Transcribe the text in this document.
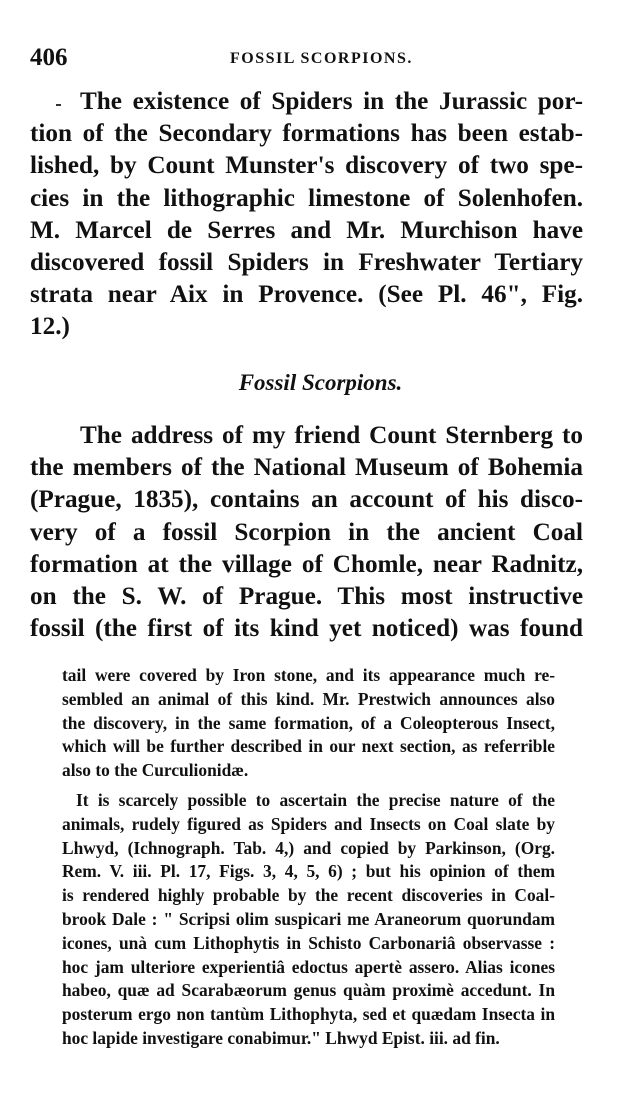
406	FOSSIL SCORPIONS.
The existence of Spiders in the Jurassic por-
tion of the Secondary formations has been estab-
lished, by Count Munster's discovery of two spe-
cies in the lithographic limestone of Solenhofen.
M. Marcel de Serres and Mr. Murchison have
discovered fossil Spiders in Freshwater Tertiary
strata near Aix in Provence. (See Pl. 46", Fig.
12.)
Fossil Scorpions.
The address of my friend Count Sternberg to
the members of the National Museum of Bohemia
(Prague, 1835), contains an account of his disco-
very of a fossil Scorpion in the ancient Coal
formation at the village of Chomle, near Radnitz,
on the S. W. of Prague. This most instructive
fossil (the first of its kind yet noticed) was found
tail were covered by Iron stone, and its appearance much re-
sembled an animal of this kind. Mr. Prestwich announces also
the discovery, in the same formation, of a Coleopterous Insect,
which will be further described in our next section, as referrible
also to the Curculionidæ.
It is scarcely possible to ascertain the precise nature of the
animals, rudely figured as Spiders and Insects on Coal slate by
Lhwyd, (Ichnograph. Tab. 4,) and copied by Parkinson, (Org.
Rem. V. iii. Pl. 17, Figs. 3, 4, 5, 6) ; but his opinion of them
is rendered highly probable by the recent discoveries in Coal-
brook Dale : " Scripsi olim suspicari me Araneorum quorundam
icones, unà cum Lithophytis in Schisto Carbonariâ observasse :
hoc jam ulteriore experientiâ edoctus apertè assero. Alias icones
habeo, quæ ad Scarabæorum genus quàm proximè accedunt. In
posterum ergo non tantùm Lithophyta, sed et quædam Insecta in
hoc lapide investigare conabimur." Lhwyd Epist. iii. ad fin.
